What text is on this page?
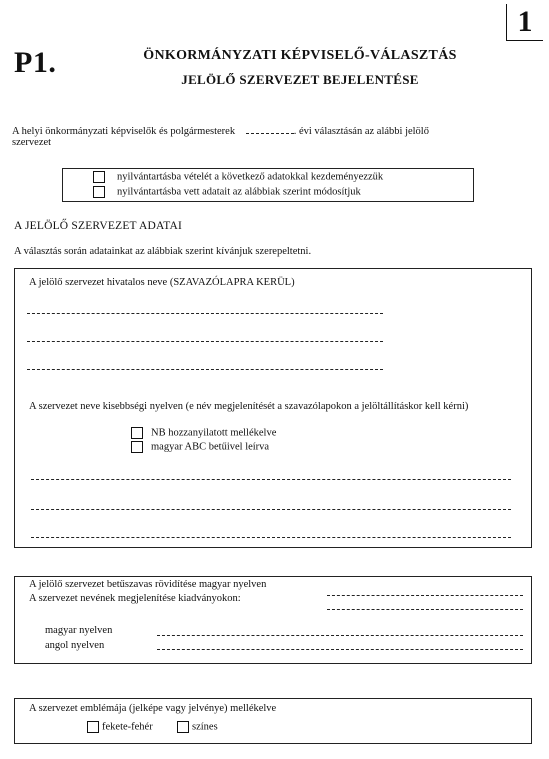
1
P1.	ÖNKORMÁNYZATI KÉPVISELŐ-VÁLASZTÁS
JELÖLŐ SZERVEZET BEJELENTÉSE
A helyi önkormányzati képviselők és polgármesterek	. évi választásán az alábbi jelölő
szervezet
nyilvántartásba vételét a következő adatokkal kezdeményezzük
nyilvántartásba vett adatait az alábbiak szerint módosítjuk
A JELÖLŐ SZERVEZET ADATAI
A választás során adatainkat az alábbiak szerint kívánjuk szerepeltetni.
A jelölő szervezet hivatalos neve (SZAVAZÓLAPRA KERÜL)
A szervezet neve kisebbségi nyelven (e név megjelenítését a szavazólapokon a jelöltállításkor kell kérni)
NB hozzanyilatott mellékelve
magyar ABC betűivel leírva
A jelölő szervezet betűszavas rövidítése magyar nyelven
A szervezet nevének megjelenítése kiadványokon:
magyar nyelven
angol nyelven
A szervezet emblémája (jelképe vagy jelvénye) mellékelve
fekete-fehér	színes
